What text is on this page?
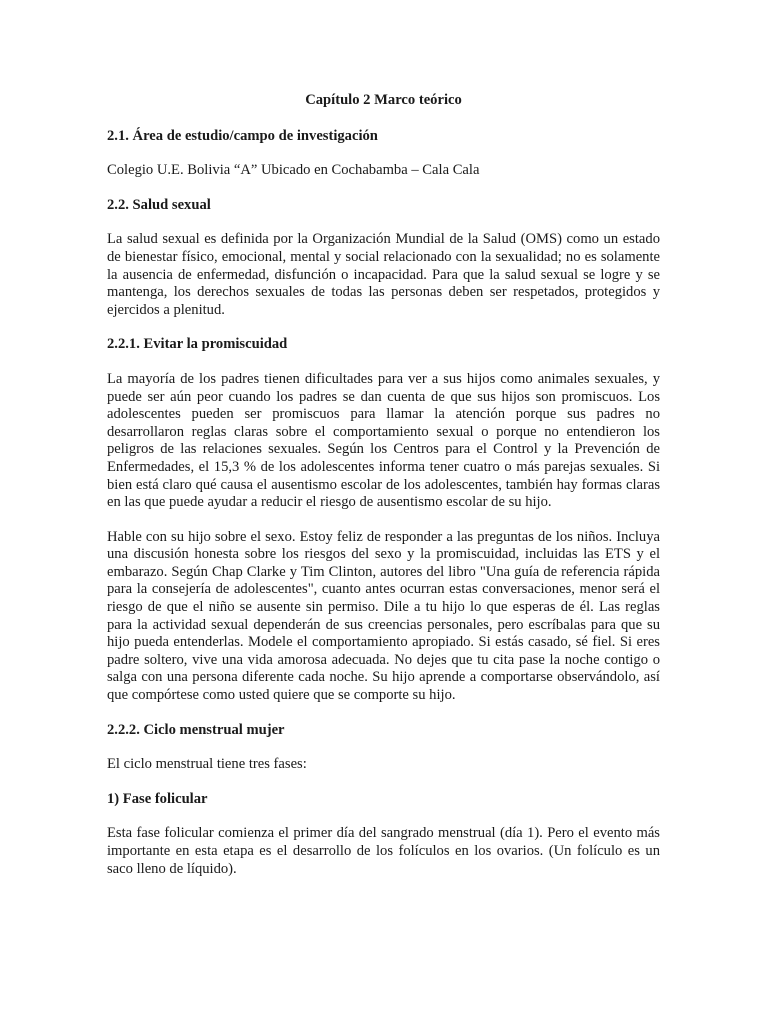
Capítulo 2 Marco teórico
2.1. Área de estudio/campo de investigación

Colegio U.E. Bolivia “A” Ubicado en Cochabamba – Cala Cala

2.2. Salud sexual

La salud sexual es definida por la Organización Mundial de la Salud (OMS) como un estado de bienestar físico, emocional, mental y social relacionado con la sexualidad; no es solamente la ausencia de enfermedad, disfunción o incapacidad. Para que la salud sexual se logre y se mantenga, los derechos sexuales de todas las personas deben ser respetados, protegidos y ejercidos a plenitud.

2.2.1. Evitar la promiscuidad

La mayoría de los padres tienen dificultades para ver a sus hijos como animales sexuales, y puede ser aún peor cuando los padres se dan cuenta de que sus hijos son promiscuos. Los adolescentes pueden ser promiscuos para llamar la atención porque sus padres no desarrollaron reglas claras sobre el comportamiento sexual o porque no entendieron los peligros de las relaciones sexuales. Según los Centros para el Control y la Prevención de Enfermedades, el 15,3 % de los adolescentes informa tener cuatro o más parejas sexuales. Si bien está claro qué causa el ausentismo escolar de los adolescentes, también hay formas claras en las que puede ayudar a reducir el riesgo de ausentismo escolar de su hijo.

Hable con su hijo sobre el sexo. Estoy feliz de responder a las preguntas de los niños. Incluya una discusión honesta sobre los riesgos del sexo y la promiscuidad, incluidas las ETS y el embarazo. Según Chap Clarke y Tim Clinton, autores del libro "Una guía de referencia rápida para la consejería de adolescentes", cuanto antes ocurran estas conversaciones, menor será el riesgo de que el niño se ausente sin permiso. Dile a tu hijo lo que esperas de él. Las reglas para la actividad sexual dependerán de sus creencias personales, pero escríbalas para que su hijo pueda entenderlas. Modele el comportamiento apropiado. Si estás casado, sé fiel. Si eres padre soltero, vive una vida amorosa adecuada. No dejes que tu cita pase la noche contigo o salga con una persona diferente cada noche. Su hijo aprende a comportarse observándolo, así que compórtese como usted quiere que se comporte su hijo.

2.2.2. Ciclo menstrual mujer

El ciclo menstrual tiene tres fases:

1) Fase folicular

Esta fase folicular comienza el primer día del sangrado menstrual (día 1). Pero el evento más importante en esta etapa es el desarrollo de los folículos en los ovarios. (Un folículo es un saco lleno de líquido).
